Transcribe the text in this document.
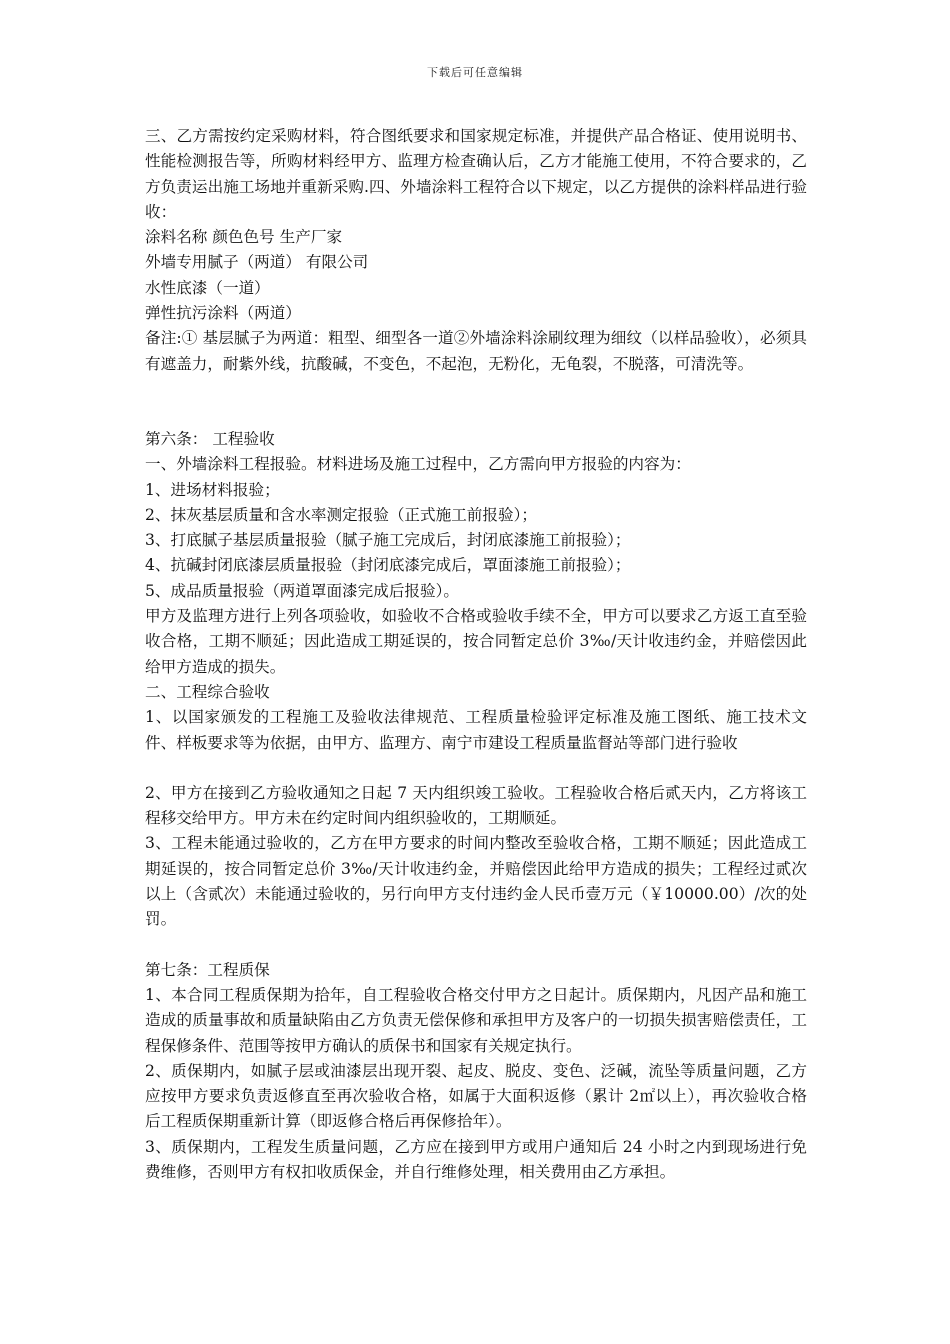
下载后可任意编辑

三、乙方需按约定采购材料，符合图纸要求和国家规定标准，并提供产品合格证、使用说明书、性能检测报告等，所购材料经甲方、监理方检查确认后，乙方才能施工使用，不符合要求的，乙方负责运出施工场地并重新采购.四、外墙涂料工程符合以下规定，以乙方提供的涂料样品进行验收：

涂料名称 颜色色号 生产厂家

外墙专用腻子（两道） 有限公司

水性底漆（一道）

弹性抗污涂料（两道）

备注:① 基层腻子为两道：粗型、细型各一道②外墙涂料涂刷纹理为细纹（以样品验收），必须具有遮盖力，耐紫外线，抗酸碱，不变色，不起泡，无粉化，无龟裂，不脱落，可清洗等。

第六条： 工程验收

一、外墙涂料工程报验。材料进场及施工过程中，乙方需向甲方报验的内容为：

1、进场材料报验；

2、抹灰基层质量和含水率测定报验（正式施工前报验）；

3、打底腻子基层质量报验（腻子施工完成后，封闭底漆施工前报验）；

4、抗碱封闭底漆层质量报验（封闭底漆完成后，罩面漆施工前报验）；

5、成品质量报验（两道罩面漆完成后报验）。

甲方及监理方进行上列各项验收，如验收不合格或验收手续不全，甲方可以要求乙方返工直至验收合格，工期不顺延；因此造成工期延误的，按合同暂定总价 3‰/天计收违约金，并赔偿因此给甲方造成的损失。

二、工程综合验收

1、以国家颁发的工程施工及验收法律规范、工程质量检验评定标准及施工图纸、施工技术文件、样板要求等为依据，由甲方、监理方、南宁市建设工程质量监督站等部门进行验收

2、甲方在接到乙方验收通知之日起 7 天内组织竣工验收。工程验收合格后贰天内，乙方将该工程移交给甲方。甲方未在约定时间内组织验收的，工期顺延。

3、工程未能通过验收的，乙方在甲方要求的时间内整改至验收合格，工期不顺延；因此造成工期延误的，按合同暂定总价 3‰/天计收违约金，并赔偿因此给甲方造成的损失；工程经过贰次以上（含贰次）未能通过验收的，另行向甲方支付违约金人民币壹万元（￥10000.00）/次的处罚。

第七条：工程质保

1、本合同工程质保期为拾年，自工程验收合格交付甲方之日起计。质保期内，凡因产品和施工造成的质量事故和质量缺陷由乙方负责无偿保修和承担甲方及客户的一切损失损害赔偿责任，工程保修条件、范围等按甲方确认的质保书和国家有关规定执行。

2、质保期内，如腻子层或油漆层出现开裂、起皮、脱皮、变色、泛碱，流坠等质量问题，乙方应按甲方要求负责返修直至再次验收合格，如属于大面积返修（累计 2㎡以上），再次验收合格后工程质保期重新计算（即返修合格后再保修拾年）。

3、质保期内，工程发生质量问题，乙方应在接到甲方或用户通知后 24 小时之内到现场进行免费维修，否则甲方有权扣收质保金，并自行维修处理，相关费用由乙方承担。
